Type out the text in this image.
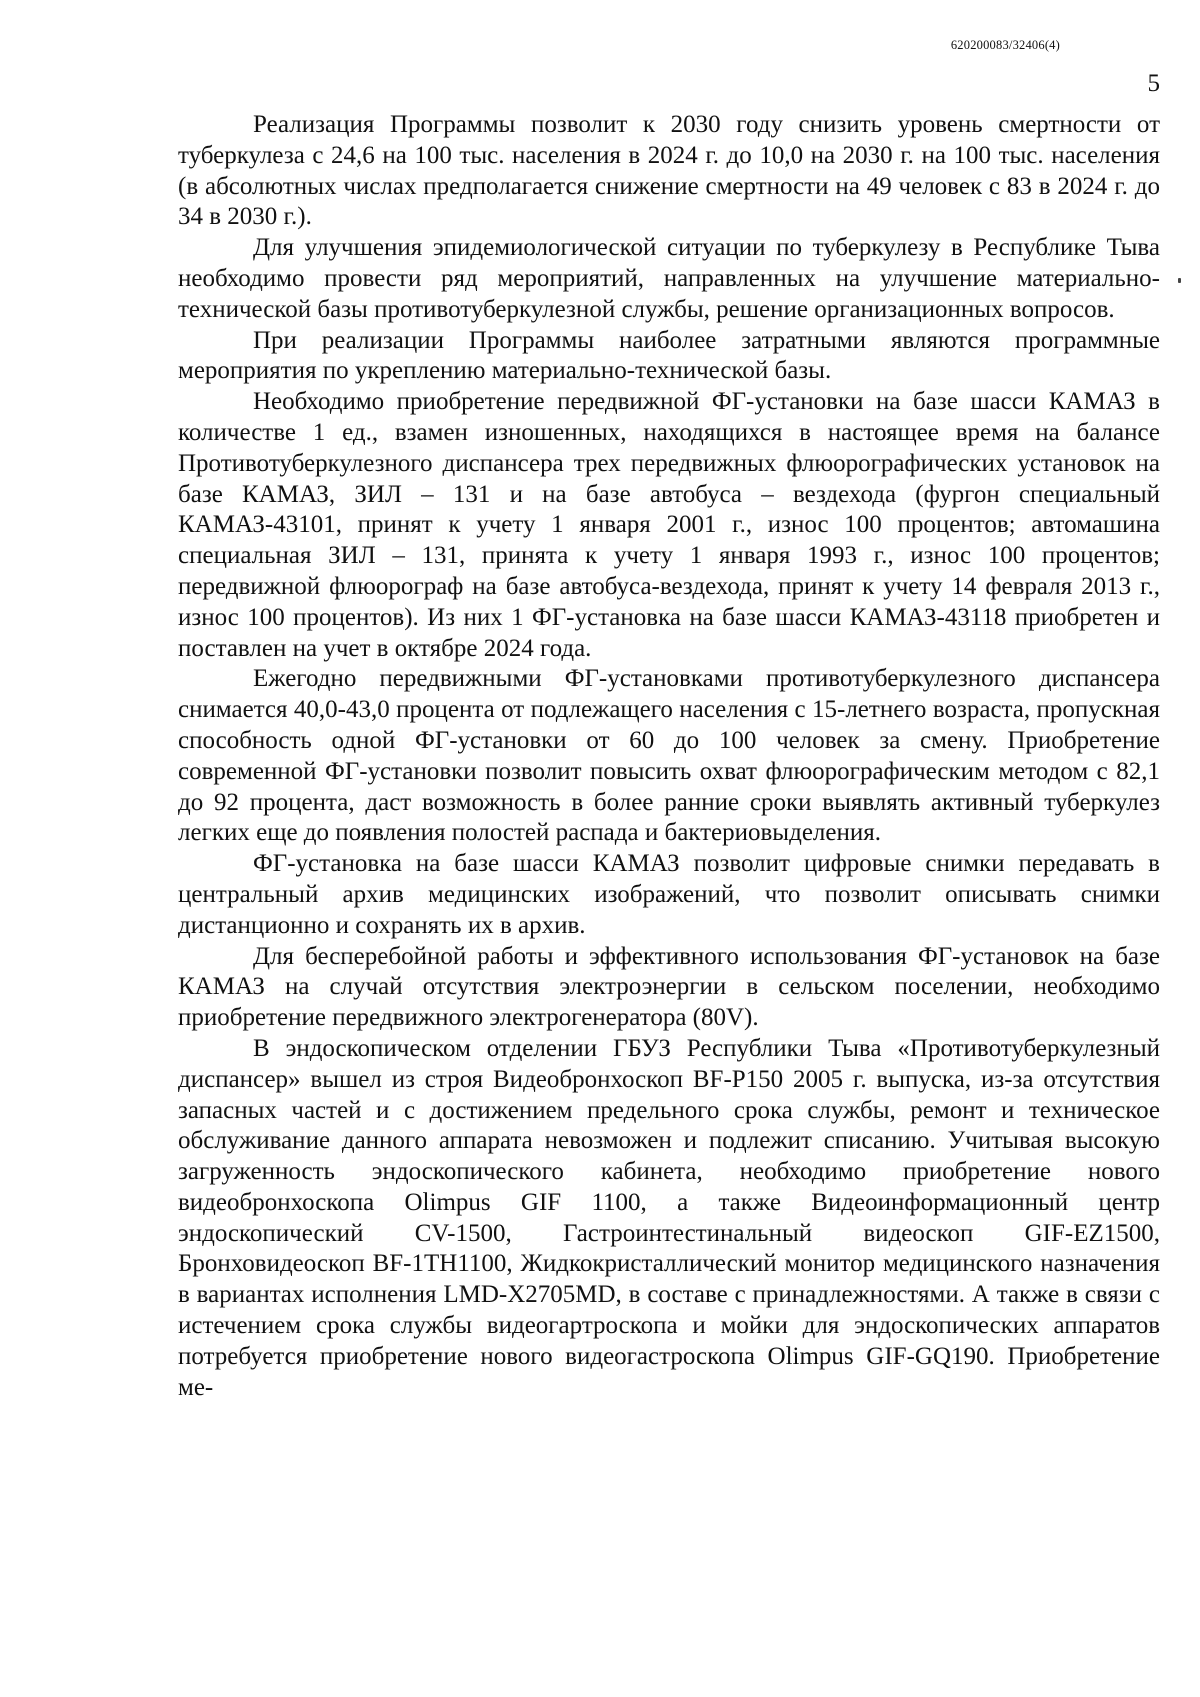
620200083/32406(4)
5

Реализация Программы позволит к 2030 году снизить уровень смертности от туберкулеза с 24,6 на 100 тыс. населения в 2024 г. до 10,0 на 2030 г. на 100 тыс. населения (в абсолютных числах предполагается снижение смертности на 49 человек с 83 в 2024 г. до 34 в 2030 г.).

Для улучшения эпидемиологической ситуации по туберкулезу в Республике Тыва необходимо провести ряд мероприятий, направленных на улучшение материально-технической базы противотуберкулезной службы, решение организационных вопросов.

При реализации Программы наиболее затратными являются программные мероприятия по укреплению материально-технической базы.

Необходимо приобретение передвижной ФГ-установки на базе шасси КАМАЗ в количестве 1 ед., взамен изношенных, находящихся в настоящее время на балансе Противотуберкулезного диспансера трех передвижных флюорографических установок на базе КАМАЗ, ЗИЛ – 131 и на базе автобуса – вездехода (фургон специальный КАМАЗ-43101, принят к учету 1 января 2001 г., износ 100 процентов; автомашина специальная ЗИЛ – 131, принята к учету 1 января 1993 г., износ 100 процентов; передвижной флюорограф на базе автобуса-вездехода, принят к учету 14 февраля 2013 г., износ 100 процентов). Из них 1 ФГ-установка на базе шасси КАМАЗ-43118 приобретен и поставлен на учет в октябре 2024 года.

Ежегодно передвижными ФГ-установками противотуберкулезного диспансера снимается 40,0-43,0 процента от подлежащего населения с 15-летнего возраста, пропускная способность одной ФГ-установки от 60 до 100 человек за смену. Приобретение современной ФГ-установки позволит повысить охват флюорографическим методом с 82,1 до 92 процента, даст возможность в более ранние сроки выявлять активный туберкулез легких еще до появления полостей распада и бактериовыделения.

ФГ-установка на базе шасси КАМАЗ позволит цифровые снимки передавать в центральный архив медицинских изображений, что позволит описывать снимки дистанционно и сохранять их в архив.

Для бесперебойной работы и эффективного использования ФГ-установок на базе КАМАЗ на случай отсутствия электроэнергии в сельском поселении, необходимо приобретение передвижного электрогенератора (80V).

В эндоскопическом отделении ГБУЗ Республики Тыва «Противотуберкулезный диспансер» вышел из строя Видеобронхоскоп BF-P150 2005 г. выпуска, из-за отсутствия запасных частей и с достижением предельного срока службы, ремонт и техническое обслуживание данного аппарата невозможен и подлежит списанию. Учитывая высокую загруженность эндоскопического кабинета, необходимо приобретение нового видеобронхоскопа Olimpus GIF 1100, а также Видеоинформационный центр эндоскопический CV-1500, Гастроинтестинальный видеоскоп GIF-EZ1500, Бронховидеоскоп BF-1TH1100, Жидкокристаллический монитор медицинского назначения в вариантах исполнения LMD-X2705MD, в составе с принадлежностями. А также в связи с истечением срока службы видеогартроскопа и мойки для эндоскопических аппаратов потребуется приобретение нового видеогастроскопа Olimpus GIF-GQ190. Приобретение ме-
